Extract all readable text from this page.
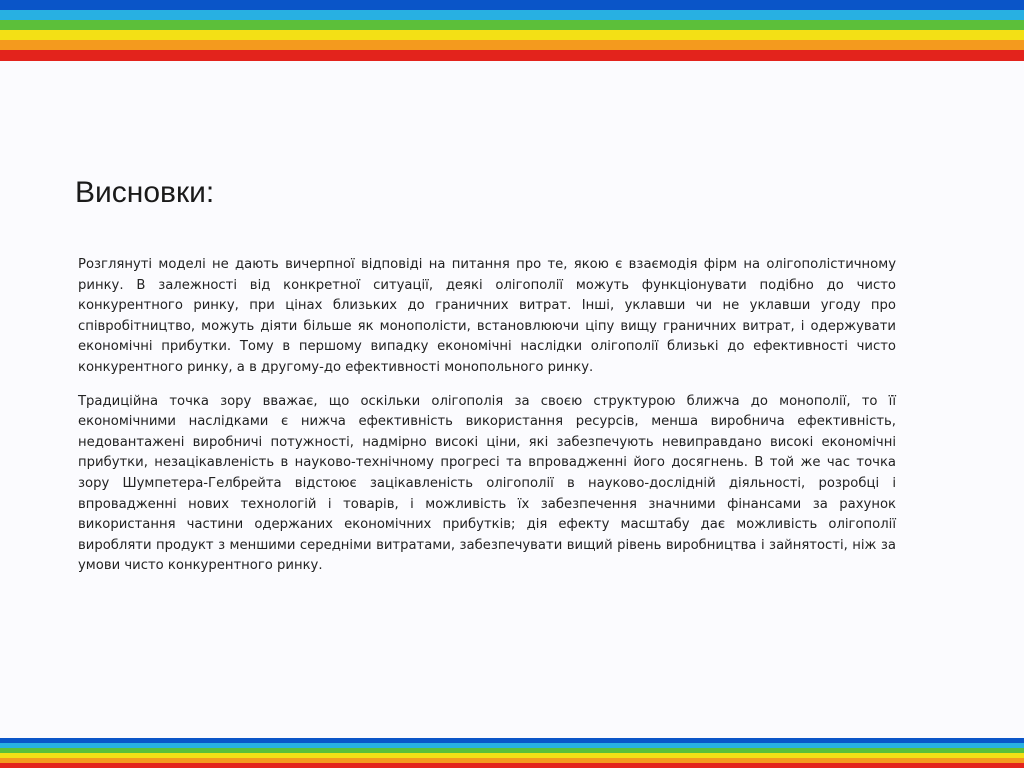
Висновки:

Розглянуті моделі не дають вичерпної відповіді на питання про те, якою є взаємодія фірм на олігополістичному ринку. В залежності від конкретної ситуації, деякі олігополії можуть функціонувати подібно до чисто конкурентного ринку, при цінах близьких до граничних витрат. Інші, уклавши чи не уклавши угоду про співробітництво, можуть діяти більше як монополісти, встановлюючи ціпу вищу граничних витрат, і одержувати економічні прибутки. Тому в першому випадку економічні наслідки олігополії близькі до ефективності чисто конкурентного ринку, а в другому-до ефективності монопольного ринку.

Традиційна точка зору вважає, що оскільки олігополія за своєю структурою ближча до монополії, то її економічними наслідками є нижча ефективність використання ресурсів, менша виробнича ефективність, недовантажені виробничі потужності, надмірно високі ціни, які забезпечують невиправдано високі економічні прибутки, незацікавленість в науково-технічному прогресі та впровадженні його досягнень. В той же час точка зору Шумпетера-Гелбрейта відстоює зацікавленість олігополії в науково-дослідній діяльності, розробці і впровадженні нових технологій і товарів, і можливість їх забезпечення значними фінансами за рахунок використання частини одержаних економічних прибутків; дія ефекту масштабу дає можливість олігополії виробляти продукт з меншими середніми витратами, забезпечувати вищий рівень виробництва і зайнятості, ніж за умови чисто конкурентного ринку.
